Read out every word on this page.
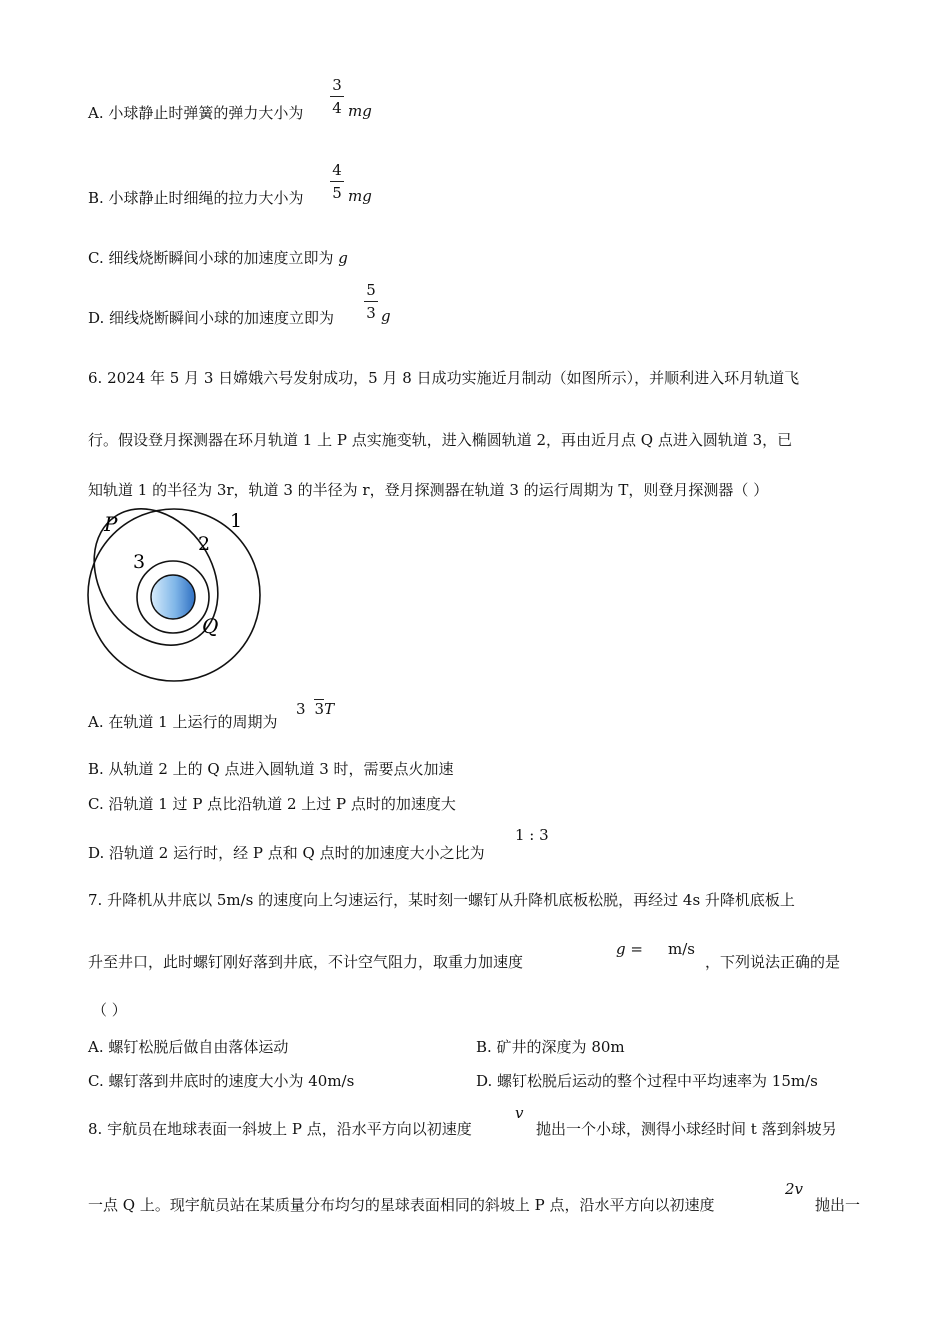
A. 小球静止时弹簧的弹力大小为
3
4 mg
B. 小球静止时细绳的拉力大小为
4
5 mg
C. 细线烧断瞬间小球的加速度立即为 g
D. 细线烧断瞬间小球的加速度立即为
5
3 g
6. 2024 年 5 月 3 日嫦娥六号发射成功，5 月 8 日成功实施近月制动（如图所示），并顺利进入环月轨道飞
行。假设登月探测器在环月轨道 1 上 P 点实施变轨，进入椭圆轨道 2，再由近月点 Q 点进入圆轨道 3，已
知轨道 1 的半径为 3r，轨道 3 的半径为 r，登月探测器在轨道 3 的运行周期为 T，则登月探测器（ ）
P	1
2
3
Q
A. 在轨道 1 上运行的周期为
3 3T
B. 从轨道 2 上的 Q 点进入圆轨道 3 时，需要点火加速
C. 沿轨道 1 过 P 点比沿轨道 2 上过 P 点时的加速度大
D. 沿轨道 2 运行时，经 P 点和 Q 点时的加速度大小之比为
1 : 3
7. 升降机从井底以 5m/s 的速度向上匀速运行，某时刻一螺钉从升降机底板松脱，再经过 4s 升降机底板上
升至井口，此时螺钉刚好落到井底，不计空气阻力，取重力加速度
g = m/s
，下列说法正确的是
（ ）
A. 螺钉松脱后做自由落体运动	B. 矿井的深度为 80m
C. 螺钉落到井底时的速度大小为 40m/s	D. 螺钉松脱后运动的整个过程中平均速率为 15m/s
8. 宇航员在地球表面一斜坡上 P 点，沿水平方向以初速度
v
抛出一个小球，测得小球经时间 t 落到斜坡另
一点 Q 上。现宇航员站在某质量分布均匀的星球表面相同的斜坡上 P 点，沿水平方向以初速度
2v
抛出一
